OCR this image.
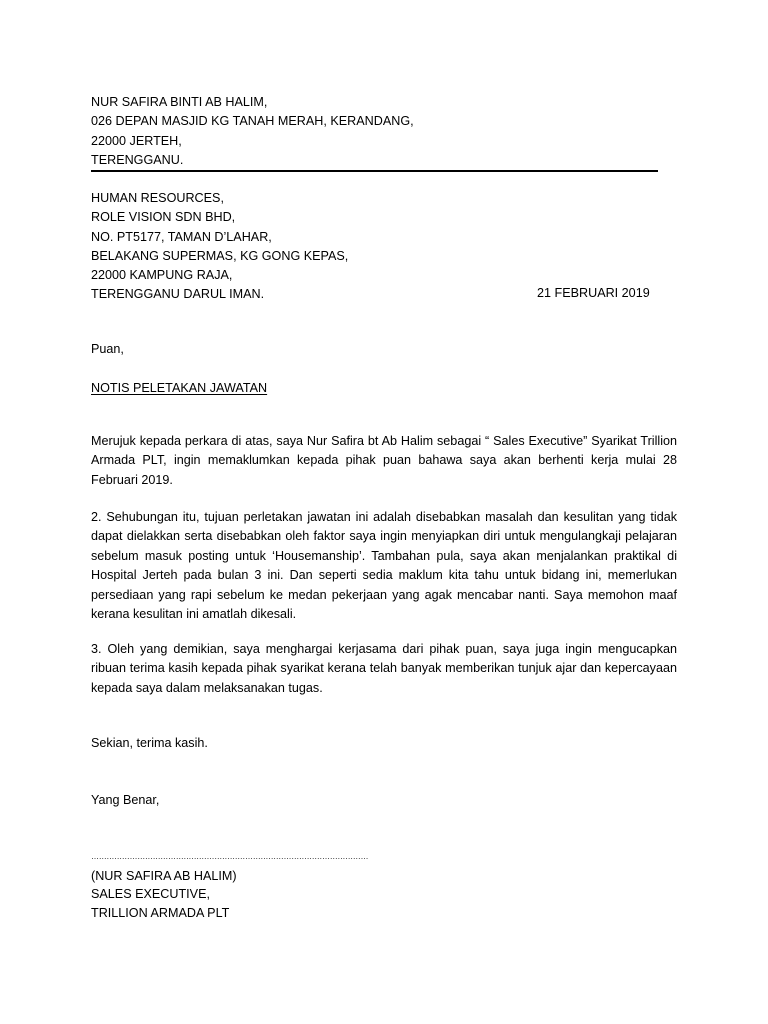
NUR SAFIRA BINTI AB HALIM,
026 DEPAN MASJID KG TANAH MERAH, KERANDANG,
22000 JERTEH,
TERENGGANU.
HUMAN RESOURCES,
ROLE VISION SDN BHD,
NO. PT5177, TAMAN D’LAHAR,
BELAKANG SUPERMAS, KG GONG KEPAS,
22000 KAMPUNG RAJA,
TERENGGANU DARUL IMAN.	21 FEBRUARI 2019
Puan,
NOTIS PELETAKAN JAWATAN

Merujuk kepada perkara di atas, saya Nur Safira bt Ab Halim sebagai “ Sales Executive” Syarikat Trillion Armada PLT, ingin memaklumkan kepada pihak puan bahawa saya akan berhenti kerja mulai 28 Februari 2019.

2. Sehubungan itu, tujuan perletakan jawatan ini adalah disebabkan masalah dan kesulitan yang tidak dapat dielakkan serta disebabkan oleh faktor saya ingin menyiapkan diri untuk mengulangkaji pelajaran sebelum masuk posting untuk ‘Housemanship’. Tambahan pula, saya akan menjalankan praktikal di Hospital Jerteh pada bulan 3 ini. Dan seperti sedia maklum kita tahu untuk bidang ini, memerlukan persediaan yang rapi sebelum ke medan pekerjaan yang agak mencabar nanti. Saya memohon maaf kerana kesulitan ini amatlah dikesali.

3. Oleh yang demikian, saya menghargai kerjasama dari pihak puan, saya juga ingin mengucapkan ribuan terima kasih kepada pihak syarikat kerana telah banyak memberikan tunjuk ajar dan kepercayaan kepada saya dalam melaksanakan tugas.

Sekian, terima kasih.
Yang Benar,
………………………………………………………………………………………………
(NUR SAFIRA AB HALIM)
SALES EXECUTIVE,
TRILLION ARMADA PLT
